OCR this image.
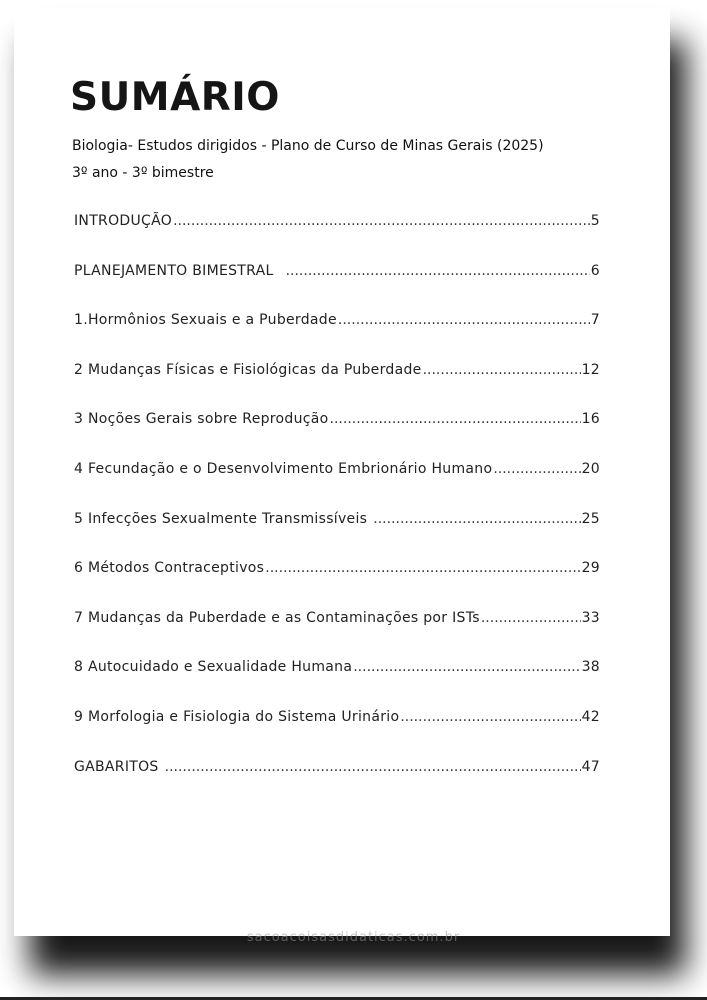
SUMÁRIO
Biologia- Estudos dirigidos - Plano de Curso de Minas Gerais (2025)
3º ano - 3º bimestre
INTRODUÇÃO .....	5
PLANEJAMENTO BIMESTRAL .....	6
1.Hormônios Sexuais e a Puberdade .....	7
2 Mudanças Físicas e Fisiológicas da Puberdade .....	12
3 Noções Gerais sobre Reprodução .....	16
4 Fecundação e o Desenvolvimento Embrionário Humano .....	20
5 Infecções Sexualmente Transmissíveis .....	25
6 Métodos Contraceptivos .....	29
7 Mudanças da Puberdade e as Contaminações por ISTs .....	33
8 Autocuidado e Sexualidade Humana .....	38
9 Morfologia e Fisiologia do Sistema Urinário .....	42
GABARITOS .....	47
sacoacoisasdidaticas.com.br
